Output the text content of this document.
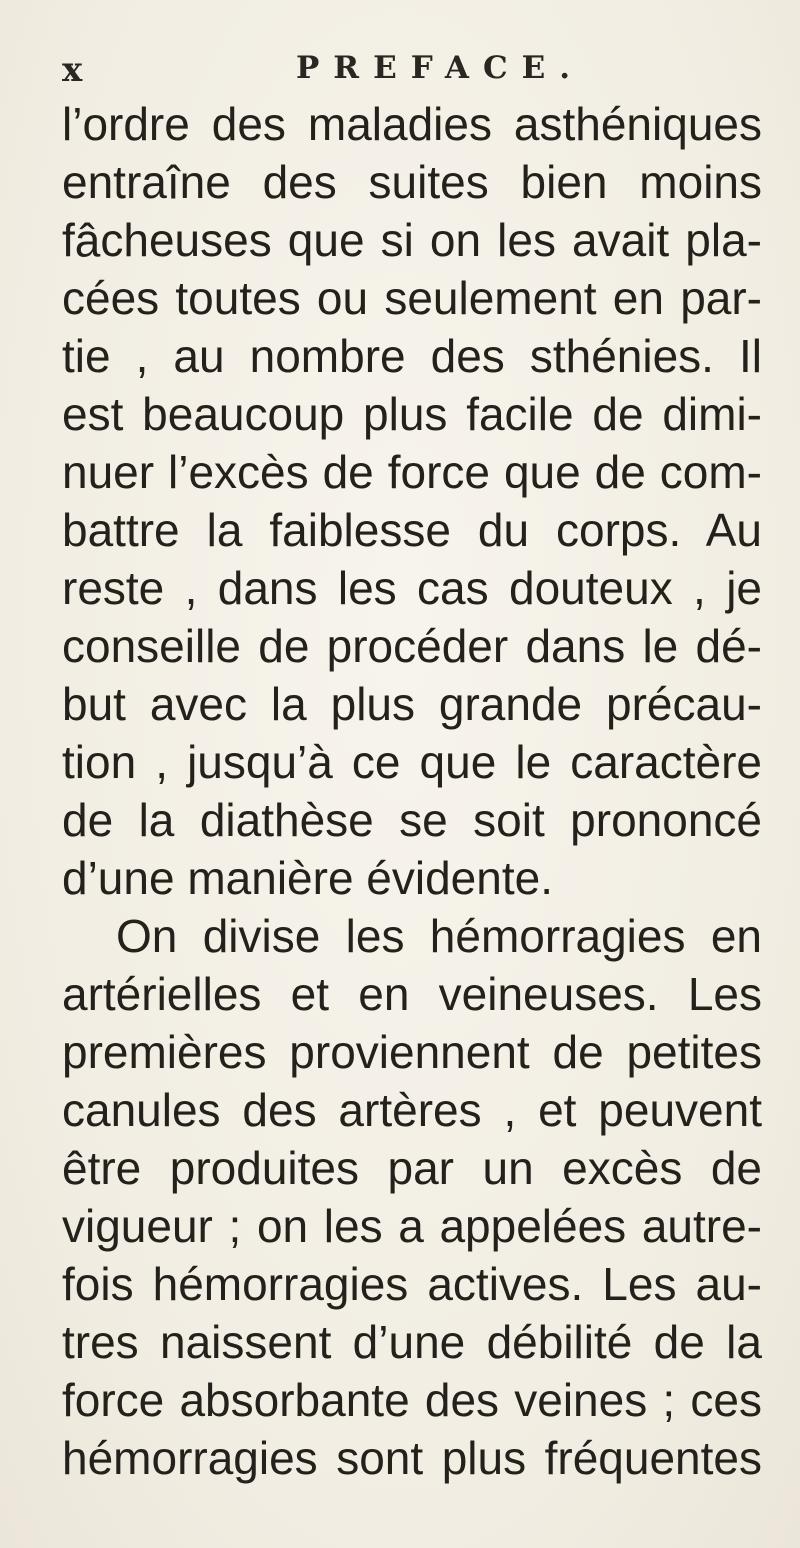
x	PREFACE.
l’ordre des maladies asthéniques
entraîne des suites bien moins
fâcheuses que si on les avait pla-
cées toutes ou seulement en par-
tie , au nombre des sthénies. Il
est beaucoup plus facile de dimi-
nuer l’excès de force que de com-
battre la faiblesse du corps. Au
reste , dans les cas douteux , je
conseille de procéder dans le dé-
but avec la plus grande précau-
tion , jusqu’à ce que le caractère
de la diathèse se soit prononcé
d’une manière évidente.
On divise les hémorragies en
artérielles et en veineuses. Les
premières proviennent de petites
canules des artères , et peuvent
être produites par un excès de
vigueur ; on les a appelées autre-
fois hémorragies actives. Les au-
tres naissent d’une débilité de la
force absorbante des veines ; ces
hémorragies sont plus fréquentes
